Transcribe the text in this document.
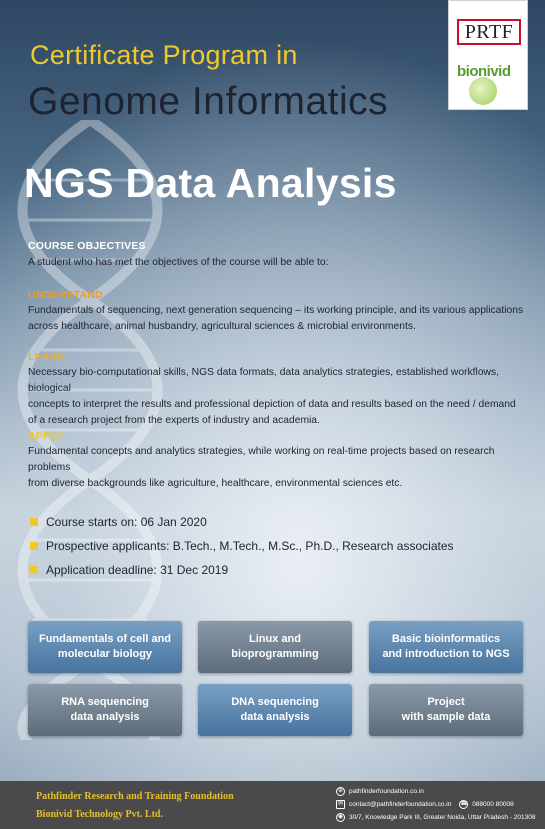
PRTF
bionivid
Certificate Program in
Genome Informatics
NGS Data Analysis
COURSE OBJECTIVES
A student who has met the objectives of the course will be able to:
UNDERSTAND
Fundamentals of sequencing, next generation sequencing – its working principle, and its various applications
across healthcare, animal husbandry, agricultural sciences & microbial environments.
LEARN
Necessary bio-computational skills, NGS data formats, data analytics strategies, established workflows, biological
concepts to interpret the results and professional depiction of data and results based on the need / demand
of a research project from the experts of industry and academia.
APPLY
Fundamental concepts and analytics strategies, while working on real-time projects based on research problems
from diverse backgrounds like agriculture, healthcare, environmental sciences etc.
Course starts on: 06 Jan 2020
Prospective applicants: B.Tech., M.Tech., M.Sc., Ph.D., Research associates
Application deadline: 31 Dec 2019
Fundamentals of cell and
molecular biology
Linux and
bioprogramming
Basic bioinformatics
and introduction to NGS
RNA sequencing
data analysis
DNA sequencing
data analysis
Project
with sample data
Pathfinder Research and Training Foundation
Bionivid Technology Pvt. Ltd.
⊕ pathfinderfoundation.co.in
✉ contact@pathfinderfoundation.co.in ☎ 088000 80008
◉ 30/7, Knowledge Park III, Greater Noida, Uttar Pradesh - 201308
